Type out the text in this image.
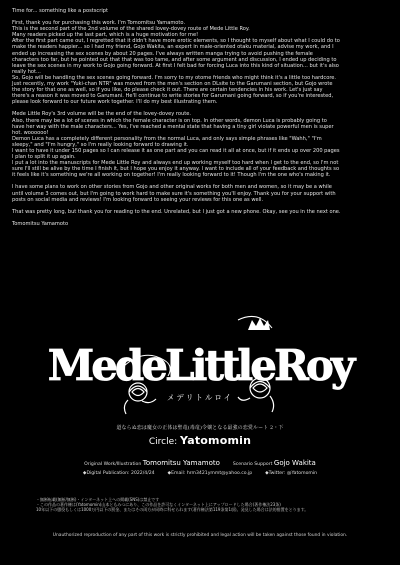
Time for... something like a postscript

First, thank you for purchasing this work. I'm Tomomitsu Yamamoto.
This is the second part of the 2nd volume of the shared lovey-dovey route of Mede Little Roy.
Many readers picked up the last part, which is a huge motivation for me!
After the first part came out, I regretted that it didn't have more erotic elements, so I thought to myself about what I could do to
make the readers happier... so I had my friend, Gojo Wakita, an expert in male-oriented otaku material, advise my work, and I
ended up increasing the sex scenes by about 20 pages. I've always written manga trying to avoid pushing the female
characters too far, but he pointed out that that was too tame, and after some argument and discussion, I ended up deciding to
leave the sex scenes in my work to Gojo going forward. At first I felt bad for forcing Luca into this kind of situation... but it's also
really hot...
So, Gojo will be handling the sex scenes going forward. I'm sorry to my otome friends who might think it's a little too hardcore.
Just recently, my work "Yuki-chan NTR" was moved from the men's section on DLsite to the Garumani section, but Gojo wrote
the story for that one as well, so if you like, do please check it out. There are certain tendencies in his work. Let's just say
there's a reason it was moved to Garumani. He'll continue to write stories for Garumani going forward, so if you're interested,
please look forward to our future work together. I'll do my best illustrating them.

Mede Little Roy's 3rd volume will be the end of the lovey-dovey route.
Also, there may be a lot of scenes in which the female character is on top. In other words, demon Luca is probably going to
have her way with the male characters... Yes, I've reached a mental state that having a tiny girl violate powerful men is super
hot. woooooo!
Demon Luca has a completely different personality from the normal Luca, and only says simple phrases like "Wahh," "I'm
sleepy," and "I'm hungry," so I'm really looking forward to drawing it.
I want to have it under 150 pages so I can release it as one part and you can read it all at once, but if it ends up over 200 pages
I plan to split it up again.
I put a lot into the manuscripts for Mede Little Roy and always end up working myself too hard when I get to the end, so I'm not
sure I'll still be alive by the time I finish it, but I hope you enjoy it anyway. I want to include all of your feedback and thoughts so
it feels like it's something we're all working on together! I'm really looking forward to it! Though I'm the one who's making it.

I have some plans to work on other stories from Gojo and other original works for both men and women, so it may be a while
until volume 3 comes out, but I'm going to work hard to make sure it's something you'll enjoy. Thank you for your support with
posts on social media and reviews! I'm looking forward to seeing your reviews for this one as well.

That was pretty long, but thank you for reading to the end. Unrelated, but I just got a new phone. Okay, see you in the next one.

Tomomitsu Yamamoto

MedeLittleRoy
メデリトルロイ
道ならぬ恋は魔女の正体は聖竜(毒竜)令嬢となる最強の恋愛ルート 2・下
Circle: Yatomomin
Original Work/Illustration Tomomitsu Yamamoto	Scenario Support Gojo Wakita
◆Digital Publication: 2022/4/24	◆Email: hrm3421ymmt@yahoo.co.jp	◆Twitter: @Yatomomin
・無断転載(無断/無断)・インターネット上への掲載(SNS)は禁止です
・この作品の著作権は(Yatomomin)山本ともみつにあり、この作品を許可なくインターネット上にアップロードした場合(著作権法23条)
10年以下の懲役もしくは1000万円以下の罰金、またはその両方が同時に科せられます(著作権法第119条第1項)。発見した場合は法的措置をとります。
Unauthorized reproduction of any part of this work is strictly prohibited and legal action will be taken against those found in violation.
